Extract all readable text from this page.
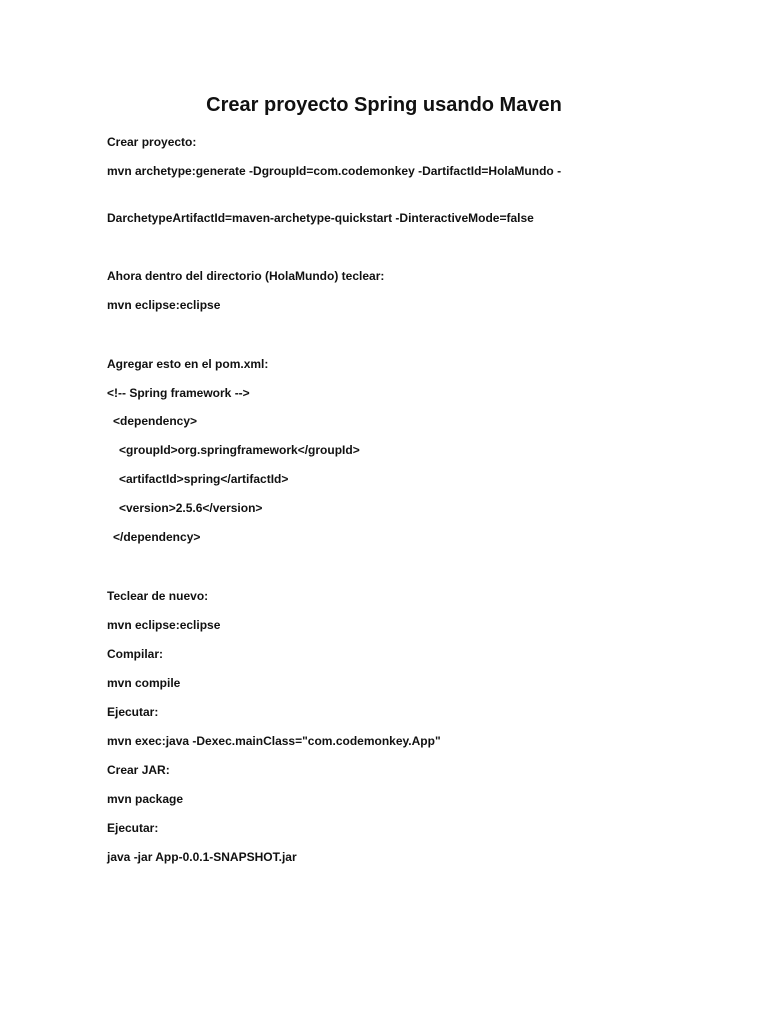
Crear proyecto Spring usando Maven
Crear proyecto:
mvn archetype:generate -DgroupId=com.codemonkey -DartifactId=HolaMundo -
DarchetypeArtifactId=maven-archetype-quickstart -DinteractiveMode=false
Ahora dentro del directorio (HolaMundo) teclear:
mvn eclipse:eclipse
Agregar esto en el pom.xml:
<!-- Spring framework -->
<dependency>
<groupId>org.springframework</groupId>
<artifactId>spring</artifactId>
<version>2.5.6</version>
</dependency>
Teclear de nuevo:
mvn eclipse:eclipse
Compilar:
mvn compile
Ejecutar:
mvn exec:java -Dexec.mainClass="com.codemonkey.App"
Crear JAR:
mvn package
Ejecutar:
java -jar App-0.0.1-SNAPSHOT.jar
